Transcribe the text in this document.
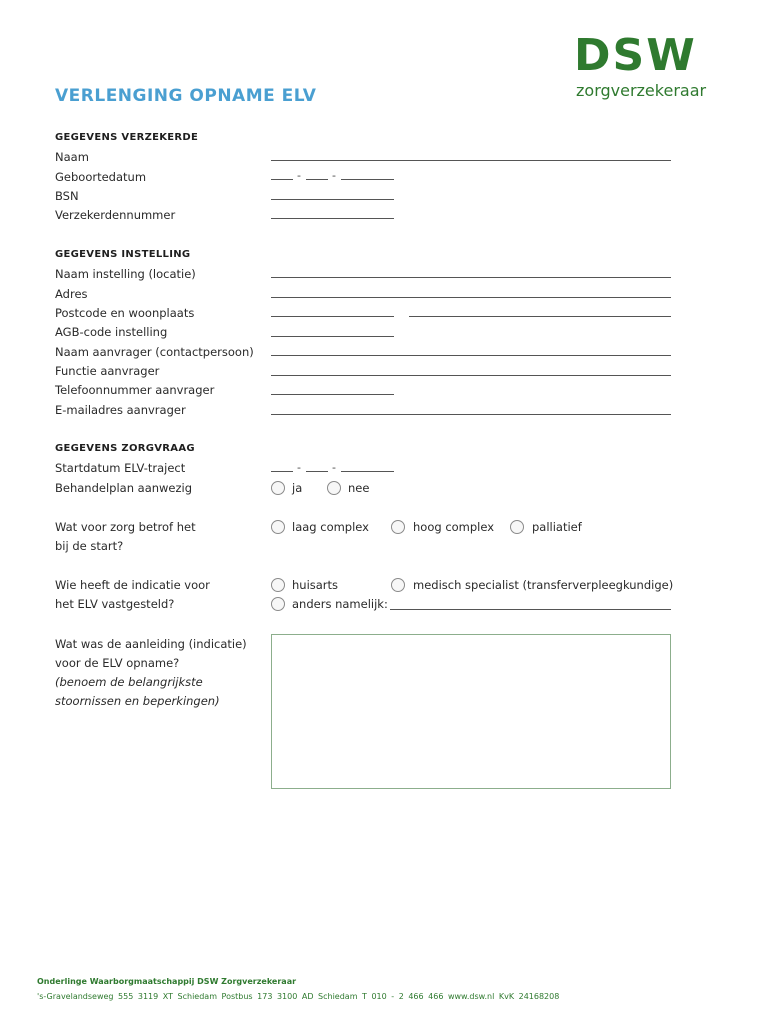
DSW
zorgverzekeraar
VERLENGING OPNAME ELV
GEGEVENS VERZEKERDE
Naam
Geboortedatum	-	-
BSN
Verzekerdennummer
GEGEVENS INSTELLING
Naam instelling (locatie)
Adres
Postcode en woonplaats
AGB-code instelling
Naam aanvrager (contactpersoon)
Functie aanvrager
Telefoonnummer aanvrager
E-mailadres aanvrager
GEGEVENS ZORGVRAAG
Startdatum ELV-traject	-	-
Behandelplan aanwezig	ja	nee
Wat voor zorg betrof het
bij de start?
laag complex	hoog complex	palliatief
Wie heeft de indicatie voor
het ELV vastgesteld?
huisarts	medisch specialist (transferverpleegkundige)
anders namelijk:
Wat was de aanleiding (indicatie)
voor de ELV opname?
(benoem de belangrijkste
stoornissen en beperkingen)
Onderlinge Waarborgmaatschappij DSW Zorgverzekeraar
's-Gravelandseweg 555 3119 XT Schiedam Postbus 173 3100 AD Schiedam T 010 - 2 466 466 www.dsw.nl KvK 24168208
